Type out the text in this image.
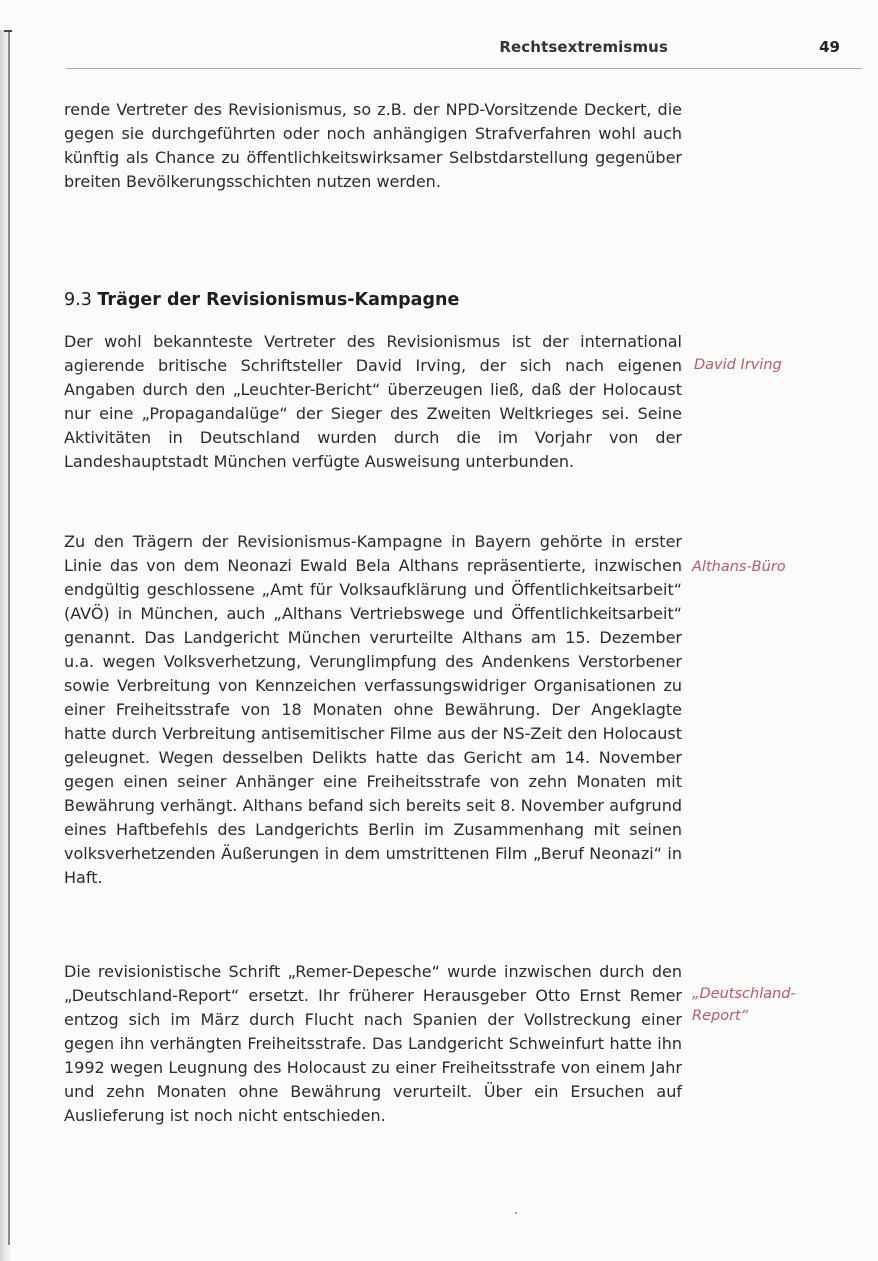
Rechtsextremismus	49

rende Vertreter des Revisionismus, so z.B. der NPD-Vorsitzende Deckert, die gegen sie durchgeführten oder noch anhängigen Strafverfahren wohl auch künftig als Chance zu öffentlichkeitswirksamer Selbstdarstellung gegenüber breiten Bevölkerungsschichten nutzen werden.

9.3 Träger der Revisionismus-Kampagne

Der wohl bekannteste Vertreter des Revisionismus ist der international agierende britische Schriftsteller David Irving, der sich nach eigenen Angaben durch den „Leuchter-Bericht“ überzeugen ließ, daß der Holocaust nur eine „Propagandalüge“ der Sieger des Zweiten Weltkrieges sei. Seine Aktivitäten in Deutschland wurden durch die im Vorjahr von der Landeshauptstadt München verfügte Ausweisung unterbunden.

David Irving

Zu den Trägern der Revisionismus-Kampagne in Bayern gehörte in erster Linie das von dem Neonazi Ewald Bela Althans repräsentierte, inzwischen endgültig geschlossene „Amt für Volksaufklärung und Öffentlichkeitsarbeit“ (AVÖ) in München, auch „Althans Vertriebswege und Öffentlichkeitsarbeit“ genannt. Das Landgericht München verurteilte Althans am 15. Dezember u.a. wegen Volksverhetzung, Verunglimpfung des Andenkens Verstorbener sowie Verbreitung von Kennzeichen verfassungswidriger Organisationen zu einer Freiheitsstrafe von 18 Monaten ohne Bewährung. Der Angeklagte hatte durch Verbreitung antisemitischer Filme aus der NS-Zeit den Holocaust geleugnet. Wegen desselben Delikts hatte das Gericht am 14. November gegen einen seiner Anhänger eine Freiheitsstrafe von zehn Monaten mit Bewährung verhängt. Althans befand sich bereits seit 8. November aufgrund eines Haftbefehls des Landgerichts Berlin im Zusammenhang mit seinen volksverhetzenden Äußerungen in dem umstrittenen Film „Beruf Neonazi“ in Haft.

Althans-Büro

Die revisionistische Schrift „Remer-Depesche“ wurde inzwischen durch den „Deutschland-Report“ ersetzt. Ihr früherer Herausgeber Otto Ernst Remer entzog sich im März durch Flucht nach Spanien der Vollstreckung einer gegen ihn verhängten Freiheitsstrafe. Das Landgericht Schweinfurt hatte ihn 1992 wegen Leugnung des Holocaust zu einer Freiheitsstrafe von einem Jahr und zehn Monaten ohne Bewährung verurteilt. Über ein Ersuchen auf Auslieferung ist noch nicht entschieden.

„Deutschland-
Report“
